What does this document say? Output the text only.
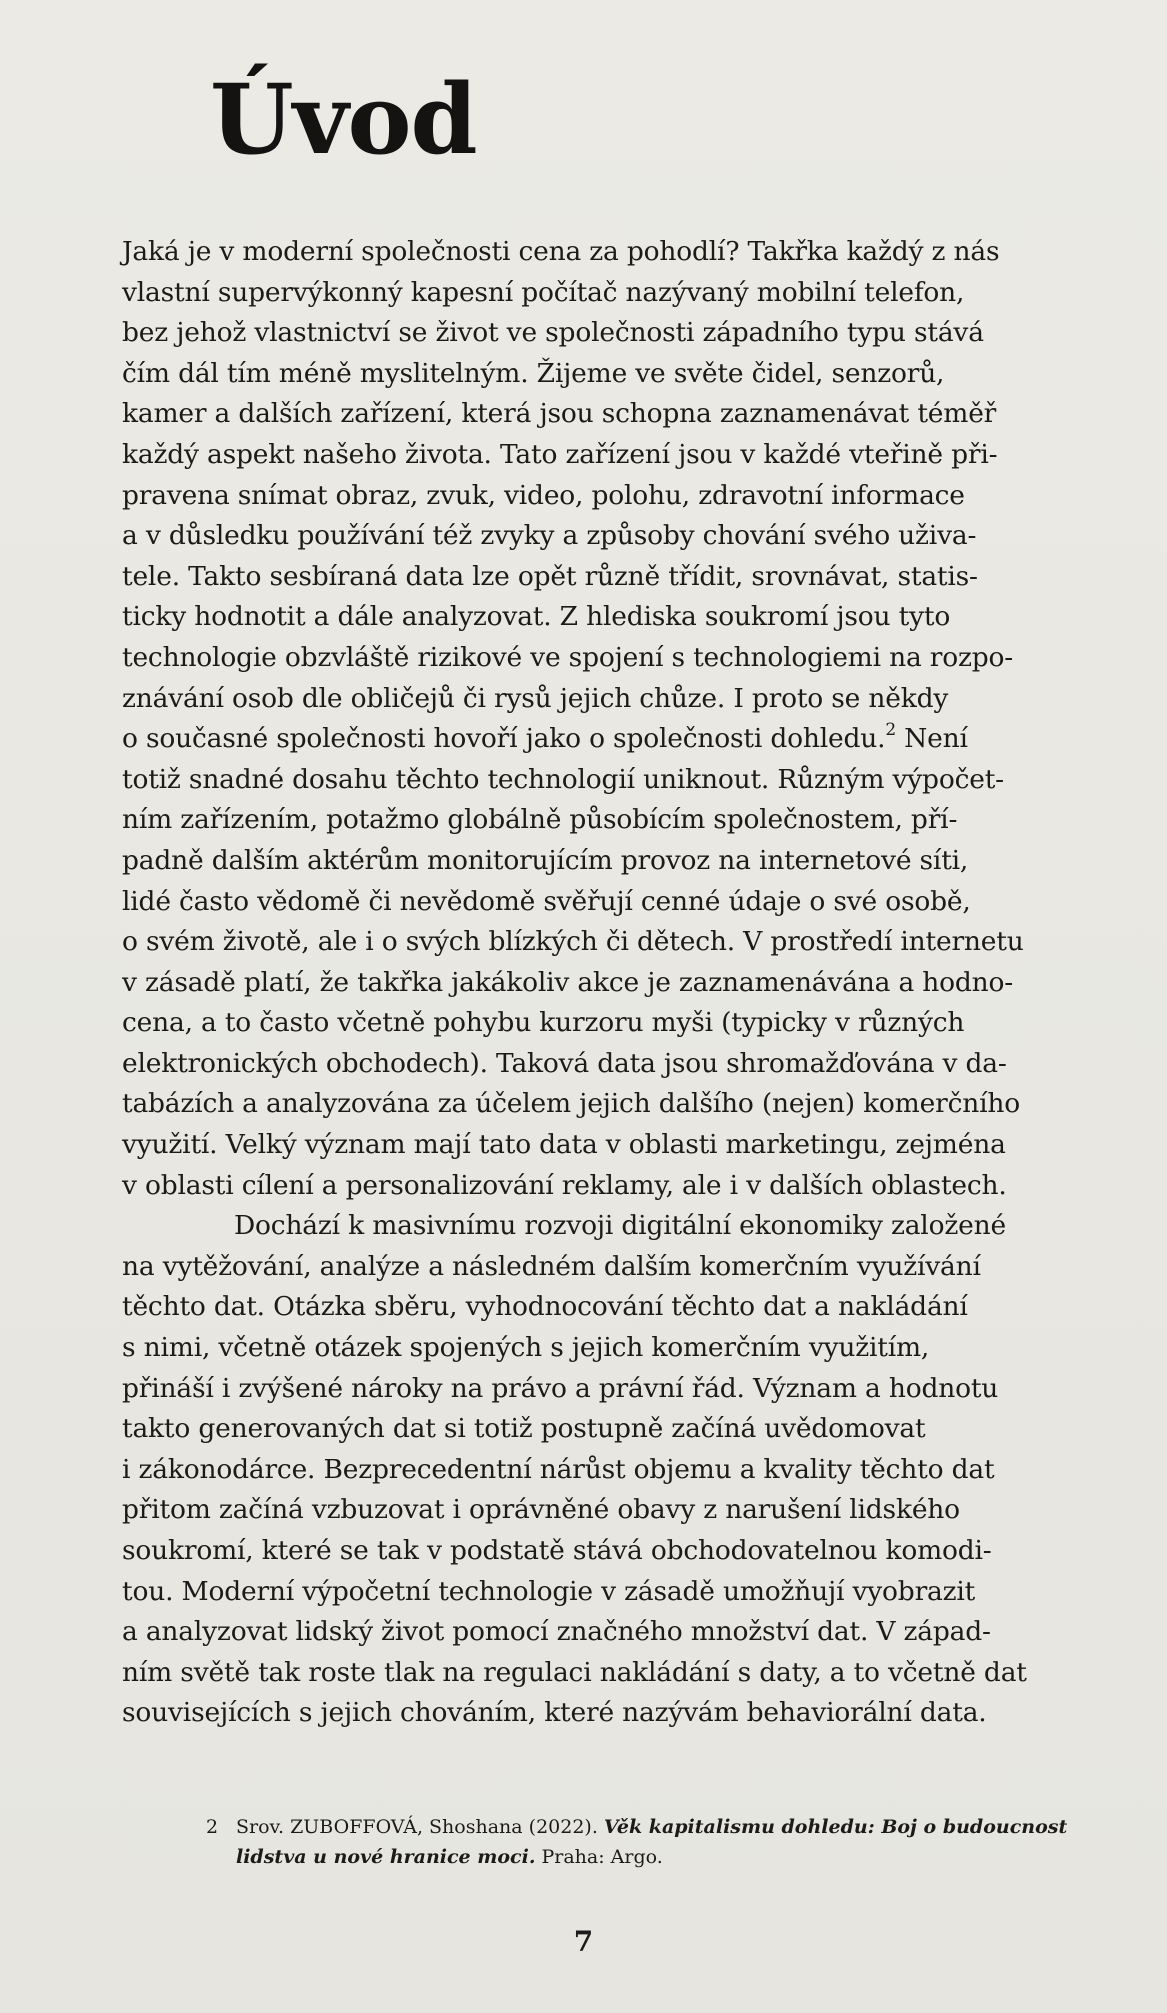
Úvod
Jaká je v moderní společnosti cena za pohodlí? Takřka každý z nás
vlastní supervýkonný kapesní počítač nazývaný mobilní telefon,
bez jehož vlastnictví se život ve společnosti západního typu stává
čím dál tím méně myslitelným. Žijeme ve světe čidel, senzorů,
kamer a dalších zařízení, která jsou schopna zaznamenávat téměř
každý aspekt našeho života. Tato zařízení jsou v každé vteřině při-
pravena snímat obraz, zvuk, video, polohu, zdravotní informace
a v důsledku používání též zvyky a způsoby chování svého uživa-
tele. Takto sesbíraná data lze opět různě třídit, srovnávat, statis-
ticky hodnotit a dále analyzovat. Z hlediska soukromí jsou tyto
technologie obzvláště rizikové ve spojení s technologiemi na rozpo-
znávání osob dle obličejů či rysů jejich chůze. I proto se někdy
o současné společnosti hovoří jako o společnosti dohledu.$^2$ Není
totiž snadné dosahu těchto technologií uniknout. Různým výpočet-
ním zařízením, potažmo globálně působícím společnostem, pří-
padně dalším aktérům monitorujícím provoz na internetové síti,
lidé často vědomě či nevědomě svěřují cenné údaje o své osobě,
o svém životě, ale i o svých blízkých či dětech. V prostředí internetu
v zásadě platí, že takřka jakákoliv akce je zaznamenávána a hodno-
cena, a to často včetně pohybu kurzoru myši (typicky v různých
elektronických obchodech). Taková data jsou shromažďována v da-
tabázích a analyzována za účelem jejich dalšího (nejen) komerčního
využití. Velký význam mají tato data v oblasti marketingu, zejména
v oblasti cílení a personalizování reklamy, ale i v dalších oblastech.
Dochází k masivnímu rozvoji digitální ekonomiky založené
na vytěžování, analýze a následném dalším komerčním využívání
těchto dat. Otázka sběru, vyhodnocování těchto dat a nakládání
s nimi, včetně otázek spojených s jejich komerčním využitím,
přináší i zvýšené nároky na právo a právní řád. Význam a hodnotu
takto generovaných dat si totiž postupně začíná uvědomovat
i zákonodárce. Bezprecedentní nárůst objemu a kvality těchto dat
přitom začíná vzbuzovat i oprávněné obavy z narušení lidského
soukromí, které se tak v podstatě stává obchodovatelnou komodi-
tou. Moderní výpočetní technologie v zásadě umožňují vyobrazit
a analyzovat lidský život pomocí značného množství dat. V západ-
ním světě tak roste tlak na regulaci nakládání s daty, a to včetně dat
souvisejících s jejich chováním, které nazývám behaviorální data.
2 Srov. ZUBOFFOVÁ, Shoshana (2022). Věk kapitalismu dohledu: Boj o budoucnost
lidstva u nové hranice moci. Praha: Argo.
7
